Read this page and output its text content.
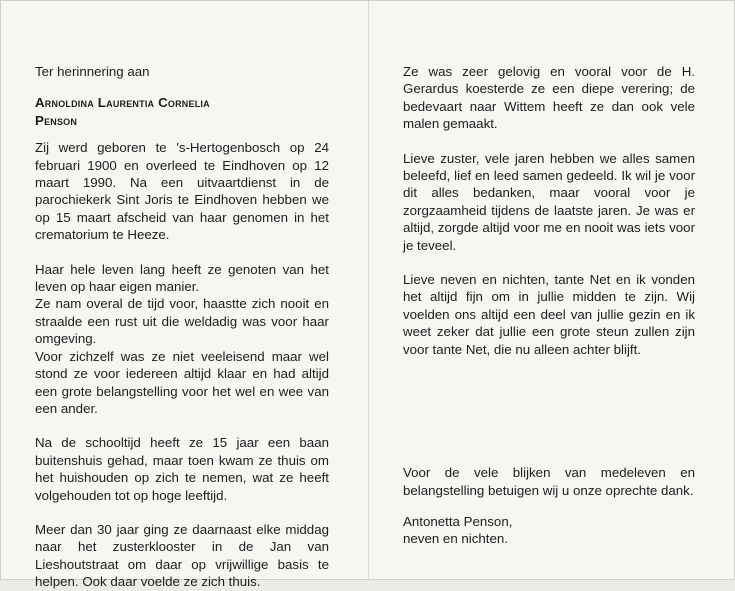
Ter herinnering aan

Arnoldina Laurentia Cornelia
Penson

Zij werd geboren te 's-Hertogenbosch op 24 februari 1900 en overleed te Eindhoven op 12 maart 1990. Na een uitvaartdienst in de parochiekerk Sint Joris te Eindhoven hebben we op 15 maart afscheid van haar genomen in het crematorium te Heeze.

Haar hele leven lang heeft ze genoten van het leven op haar eigen manier.

Ze nam overal de tijd voor, haastte zich nooit en straalde een rust uit die weldadig was voor haar omgeving.

Voor zichzelf was ze niet veeleisend maar wel stond ze voor iedereen altijd klaar en had altijd een grote belangstelling voor het wel en wee van een ander.

Na de schooltijd heeft ze 15 jaar een baan buitenshuis gehad, maar toen kwam ze thuis om het huishouden op zich te nemen, wat ze heeft volgehouden tot op hoge leeftijd.

Meer dan 30 jaar ging ze daarnaast elke middag naar het zusterklooster in de Jan van Lieshoutstraat om daar op vrijwillige basis te helpen. Ook daar voelde ze zich thuis.

Ze was zeer gelovig en vooral voor de H. Gerardus koesterde ze een diepe verering; de bedevaart naar Wittem heeft ze dan ook vele malen gemaakt.

Lieve zuster, vele jaren hebben we alles samen beleefd, lief en leed samen gedeeld. Ik wil je voor dit alles bedanken, maar vooral voor je zorgzaamheid tijdens de laatste jaren. Je was er altijd, zorgde altijd voor me en nooit was iets voor je teveel.

Lieve neven en nichten, tante Net en ik vonden het altijd fijn om in jullie midden te zijn. Wij voelden ons altijd een deel van jullie gezin en ik weet zeker dat jullie een grote steun zullen zijn voor tante Net, die nu alleen achter blijft.

Voor de vele blijken van medeleven en belangstelling betuigen wij u onze oprechte dank.

Antonetta Penson,

neven en nichten.
